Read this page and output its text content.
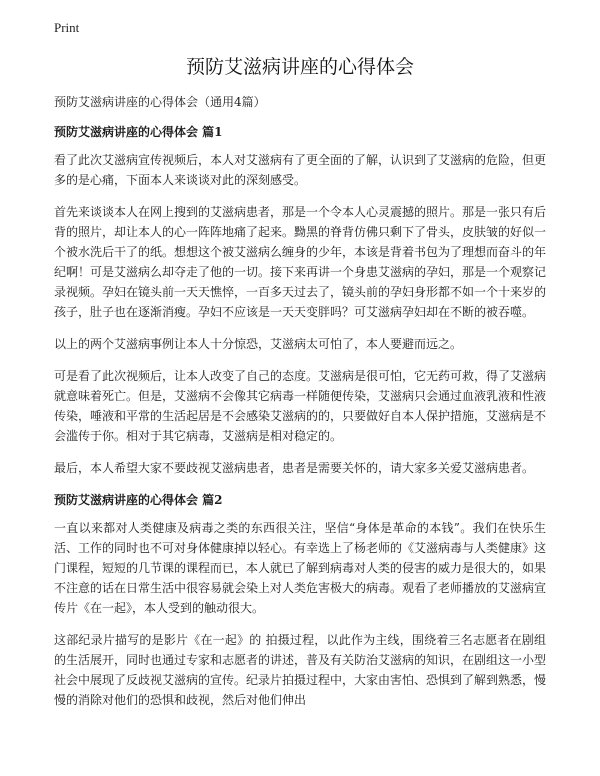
Print
预防艾滋病讲座的心得体会

预防艾滋病讲座的心得体会（通用4篇）

预防艾滋病讲座的心得体会 篇1

看了此次艾滋病宣传视频后，本人对艾滋病有了更全面的了解，认识到了艾滋病的危险，但更多的是心痛，下面本人来谈谈对此的深刻感受。

首先来谈谈本人在网上搜到的艾滋病患者，那是一个令本人心灵震撼的照片。那是一张只有后背的照片，却让本人的心一阵阵地痛了起来。黝黑的脊背仿佛只剩下了骨头，皮肤皱的好似一个被水洗后干了的纸。想想这个被艾滋病么缠身的少年，本该是背着书包为了理想而奋斗的年纪啊！可是艾滋病么却夺走了他的一切。接下来再讲一个身患艾滋病的孕妇，那是一个观察记录视频。孕妇在镜头前一天天憔悴，一百多天过去了，镜头前的孕妇身形都不如一个十来岁的孩子，肚子也在逐渐消瘦。孕妇不应该是一天天变胖吗？可艾滋病孕妇却在不断的被吞噬。

以上的两个艾滋病事例让本人十分惊恐，艾滋病太可怕了，本人要避而远之。

可是看了此次视频后，让本人改变了自己的态度。艾滋病是很可怕，它无药可救，得了艾滋病就意味着死亡。但是，艾滋病不会像其它病毒一样随便传染，艾滋病只会通过血液乳液和性液传染，唾液和平常的生活起居是不会感染艾滋病的的，只要做好自本人保护措施，艾滋病是不会滥传于你。相对于其它病毒，艾滋病是相对稳定的。

最后，本人希望大家不要歧视艾滋病患者，患者是需要关怀的，请大家多关爱艾滋病患者。

预防艾滋病讲座的心得体会 篇2

一直以来都对人类健康及病毒之类的东西很关注，坚信“身体是革命的本钱”。我们在快乐生活、工作的同时也不可对身体健康掉以轻心。有幸选上了杨老师的《艾滋病毒与人类健康》这门课程，短短的几节课的课程而已，本人就已了解到病毒对人类的侵害的威力是很大的，如果不注意的话在日常生活中很容易就会染上对人类危害极大的病毒。观看了老师播放的艾滋病宣传片《在一起》，本人受到的触动很大。

这部纪录片描写的是影片《在一起》的 拍摄过程，以此作为主线，围绕着三名志愿者在剧组的生活展开，同时也通过专家和志愿者的讲述，普及有关防治艾滋病的知识，在剧组这一小型社会中展现了反歧视艾滋病的宣传。纪录片拍摄过程中，大家由害怕、恐惧到了解到熟悉，慢慢的消除对他们的恐惧和歧视，然后对他们伸出
